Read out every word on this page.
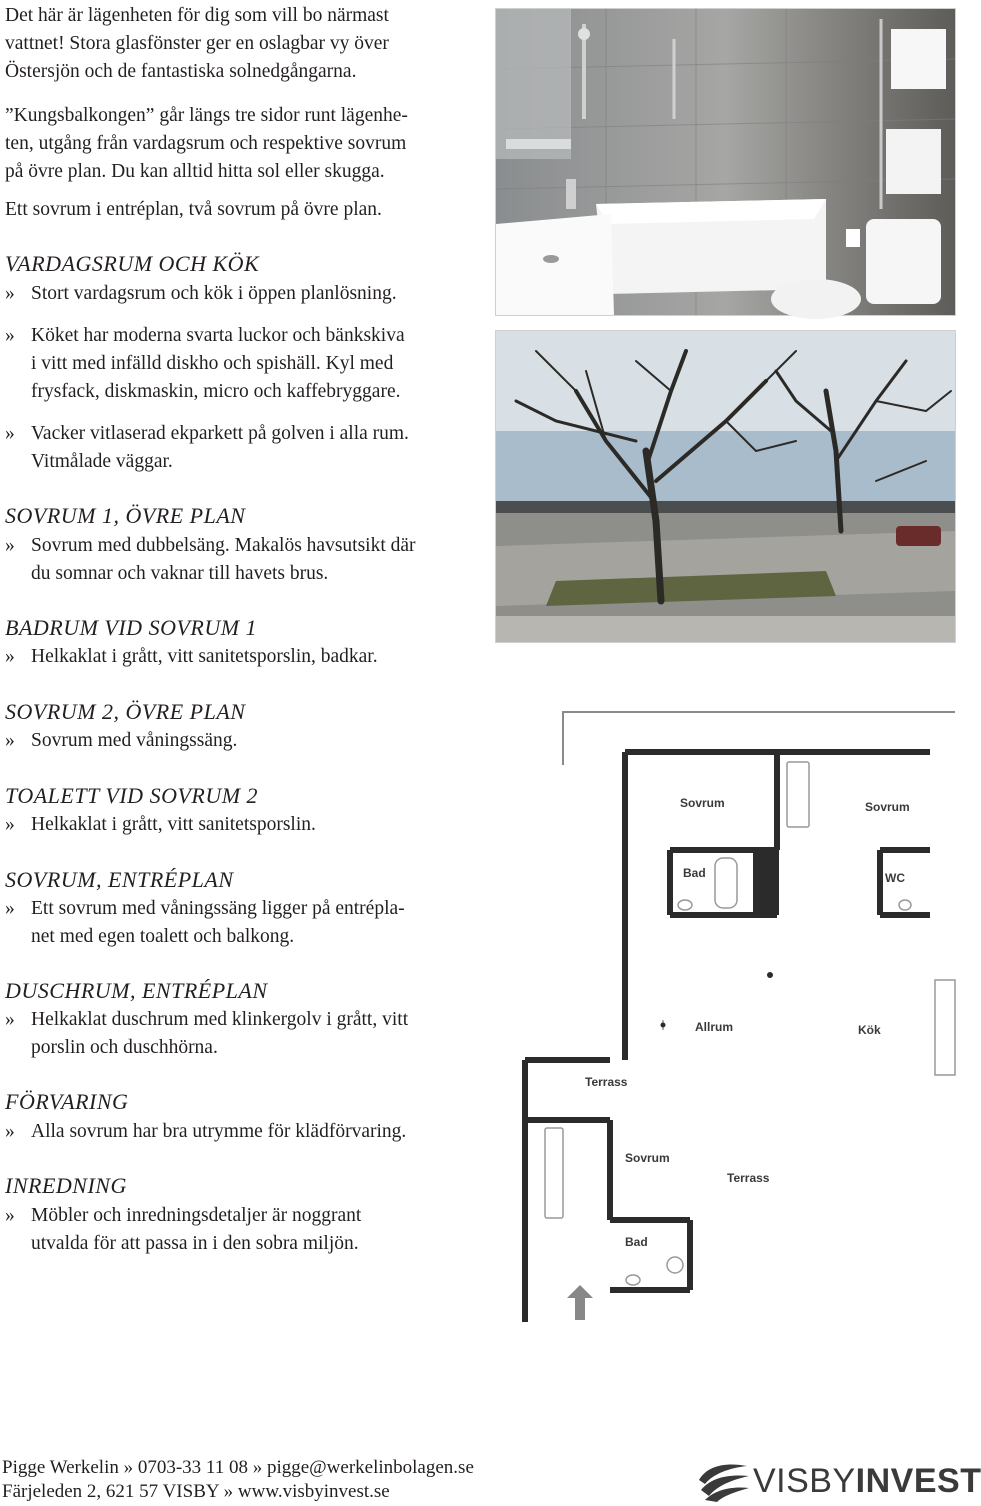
Det här är lägenheten för dig som vill bo närmast
vattnet! Stora glasfönster ger en oslagbar vy över
Östersjön och de fantastiska solnedgångarna.
”Kungsbalkongen” går längs tre sidor runt lägenhe-
ten, utgång från vardagsrum och respektive sovrum
på övre plan. Du kan alltid hitta sol eller skugga.
Ett sovrum i entréplan, två sovrum på övre plan.
VARDAGSRUM OCH KÖK
» Stort vardagsrum och kök i öppen planlösning.
» Köket har moderna svarta luckor och bänkskiva
i vitt med infälld diskho och spishäll. Kyl med
frysfack, diskmaskin, micro och kaffebryggare.
» Vacker vitlaserad ekparkett på golven i alla rum.
Vitmålade väggar.
SOVRUM 1, ÖVRE PLAN
» Sovrum med dubbelsäng. Makalös havsutsikt där
du somnar och vaknar till havets brus.
BADRUM VID SOVRUM 1
» Helkaklat i grått, vitt sanitetsporslin, badkar.
SOVRUM 2, ÖVRE PLAN
» Sovrum med våningssäng.
TOALETT VID SOVRUM 2
» Helkaklat i grått, vitt sanitetsporslin.
SOVRUM, ENTRÉPLAN
» Ett sovrum med våningssäng ligger på entrépla-
net med egen toalett och balkong.
DUSCHRUM, ENTRÉPLAN
» Helkaklat duschrum med klinkergolv i grått, vitt
porslin och duschhörna.
FÖRVARING
» Alla sovrum har bra utrymme för klädförvaring.
INREDNING
» Möbler och inredningsdetaljer är noggrant
utvalda för att passa in i den sobra miljön.
Sovrum	Sovrum
Bad	WC
Allrum	Kök
Terrass
Sovrum
Terrass
Bad
Pigge Werkelin » 0703-33 11 08 » pigge@werkelinbolagen.se
Färjeleden 2, 621 57 VISBY » www.visbyinvest.se	VISBYINVEST
